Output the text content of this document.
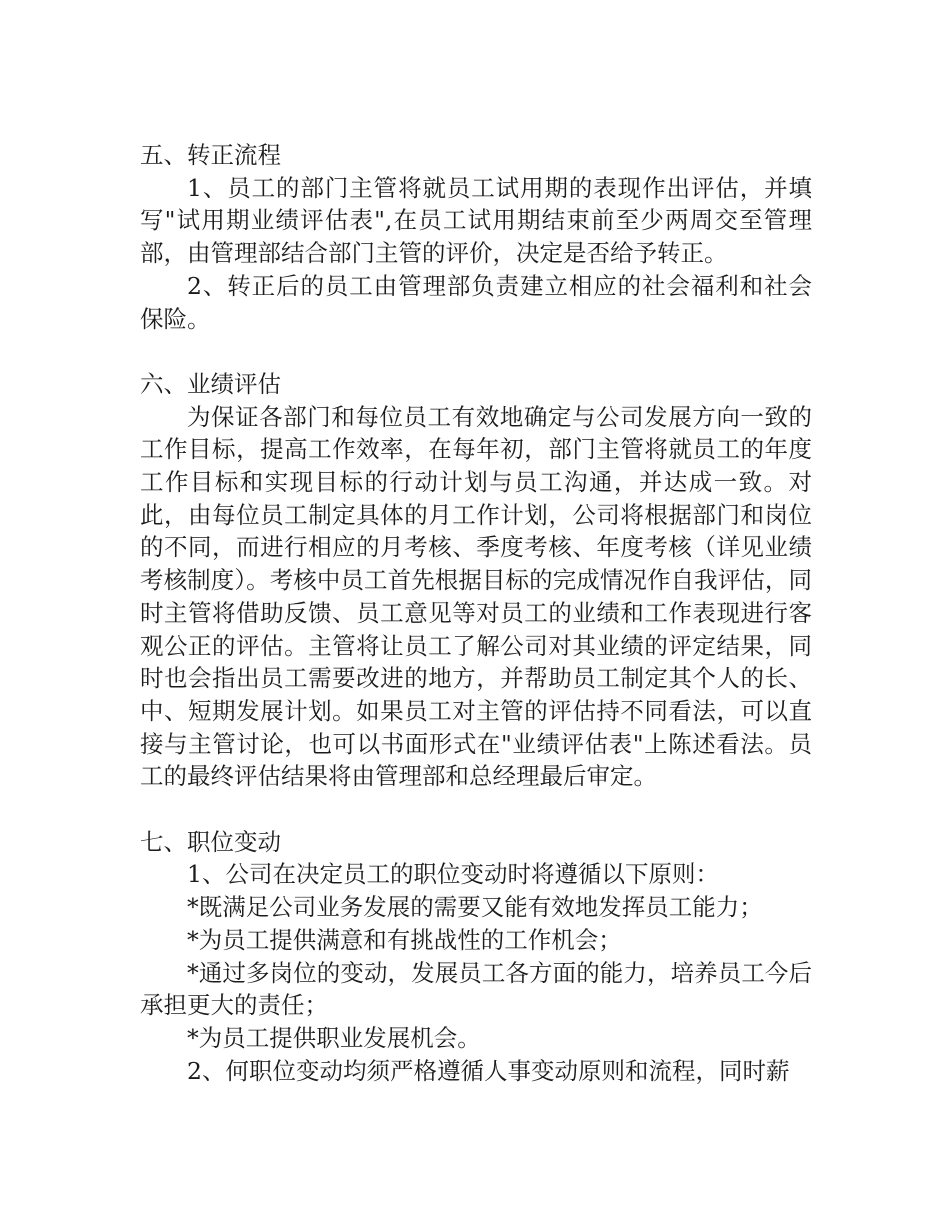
五、转正流程

1、员工的部门主管将就员工试用期的表现作出评估，并填写"试用期业绩评估表",在员工试用期结束前至少两周交至管理部，由管理部结合部门主管的评价，决定是否给予转正。

2、转正后的员工由管理部负责建立相应的社会福利和社会保险。

六、业绩评估

为保证各部门和每位员工有效地确定与公司发展方向一致的工作目标，提高工作效率，在每年初，部门主管将就员工的年度工作目标和实现目标的行动计划与员工沟通，并达成一致。对此，由每位员工制定具体的月工作计划，公司将根据部门和岗位的不同，而进行相应的月考核、季度考核、年度考核（详见业绩考核制度）。考核中员工首先根据目标的完成情况作自我评估，同时主管将借助反馈、员工意见等对员工的业绩和工作表现进行客观公正的评估。主管将让员工了解公司对其业绩的评定结果，同时也会指出员工需要改进的地方，并帮助员工制定其个人的长、中、短期发展计划。如果员工对主管的评估持不同看法，可以直接与主管讨论，也可以书面形式在"业绩评估表"上陈述看法。员工的最终评估结果将由管理部和总经理最后审定。

七、职位变动

1、公司在决定员工的职位变动时将遵循以下原则：

*既满足公司业务发展的需要又能有效地发挥员工能力；

*为员工提供满意和有挑战性的工作机会；

*通过多岗位的变动，发展员工各方面的能力，培养员工今后承担更大的责任；

*为员工提供职业发展机会。

2、何职位变动均须严格遵循人事变动原则和流程，同时薪
